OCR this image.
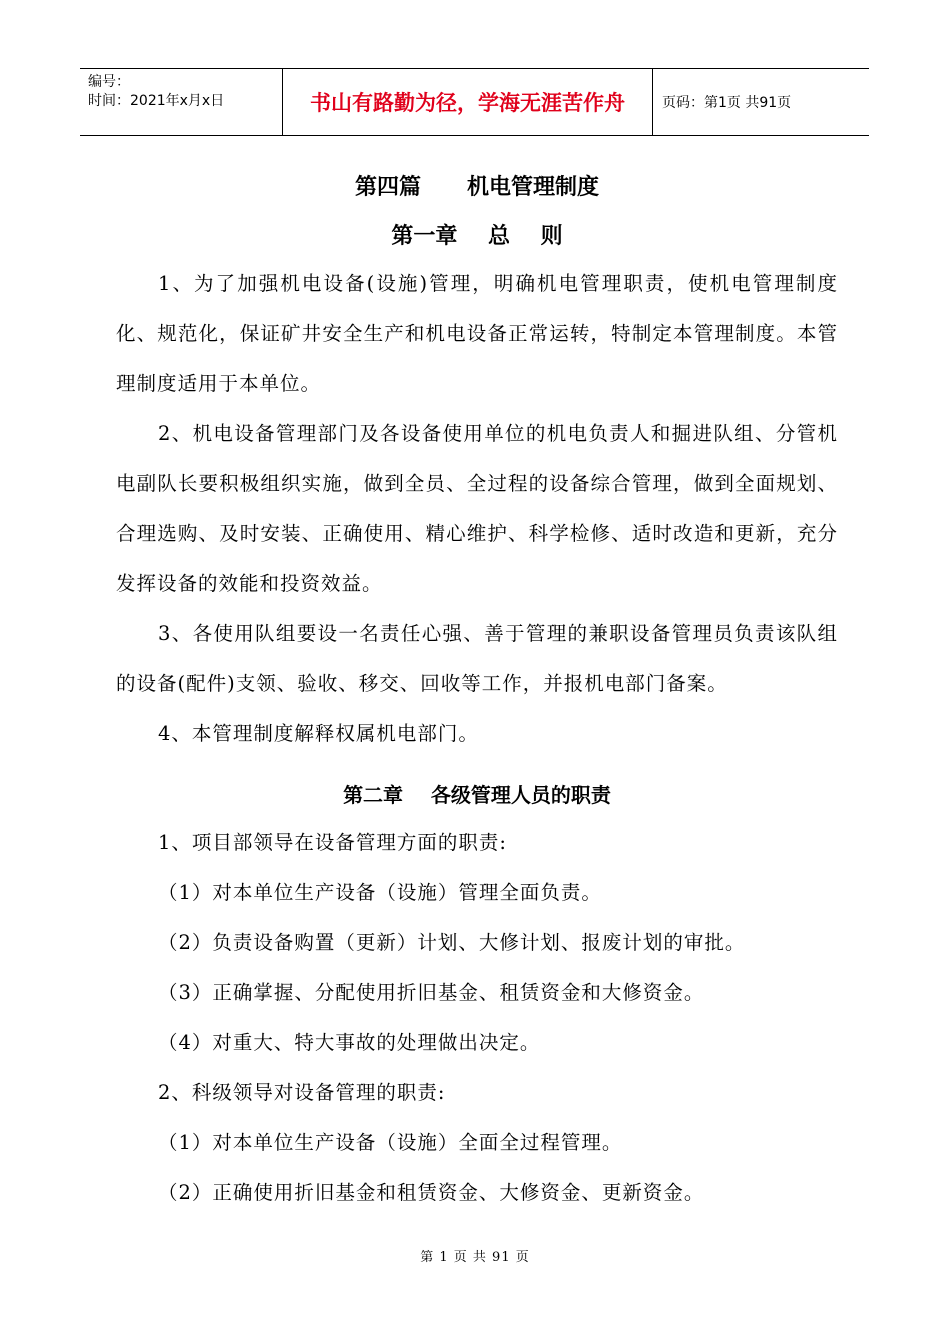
编号：
时间：2021年x月x日	书山有路勤为径，学海无涯苦作舟	页码：第1页 共91页
第四篇      机电管理制度
第一章    总    则

1、为了加强机电设备(设施)管理，明确机电管理职责，使机电管理制度化、规范化，保证矿井安全生产和机电设备正常运转，特制定本管理制度。本管理制度适用于本单位。

2、机电设备管理部门及各设备使用单位的机电负责人和掘进队组、分管机电副队长要积极组织实施，做到全员、全过程的设备综合管理，做到全面规划、合理选购、及时安装、正确使用、精心维护、科学检修、适时改造和更新，充分发挥设备的效能和投资效益。

3、各使用队组要设一名责任心强、善于管理的兼职设备管理员负责该队组的设备(配件)支领、验收、移交、回收等工作，并报机电部门备案。

4、本管理制度解释权属机电部门。

第二章    各级管理人员的职责

1、项目部领导在设备管理方面的职责:

（1）对本单位生产设备（设施）管理全面负责。

（2）负责设备购置（更新）计划、大修计划、报废计划的审批。

（3）正确掌握、分配使用折旧基金、租赁资金和大修资金。

（4）对重大、特大事故的处理做出决定。

2、科级领导对设备管理的职责:

（1）对本单位生产设备（设施）全面全过程管理。

（2）正确使用折旧基金和租赁资金、大修资金、更新资金。

第 1 页 共 91 页
